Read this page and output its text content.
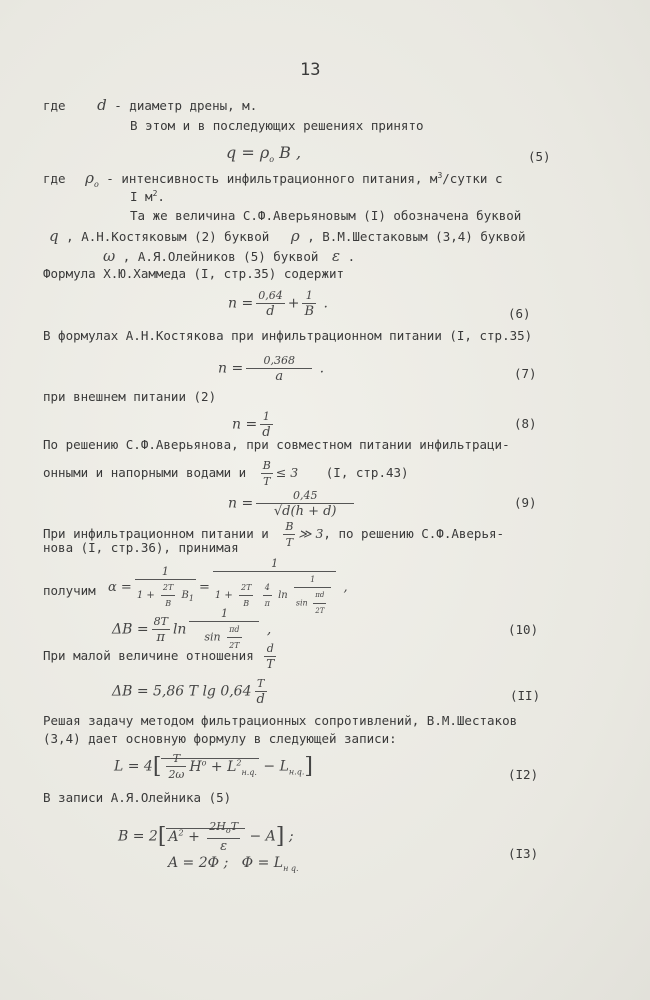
13
где d - диаметр дрены, м.
В этом и в последующих решениях принято
$q = \rho_o$ B ,	(5)
где $\rho_o$ - интенсивность инфильтрационного питания, $м^3$/сутки с
I $м^2$.
Та же величина С.Ф.Аверьяновым (I) обозначена буквой
q , А.Н.Костяковым (2) буквой ρ , В.М.Шестаковым (3,4) буквой
ω , А.Я.Олейников (5) буквой ε .
Формула Х.Ю.Хаммеда (I, стр.35) содержит
$n = \frac{0,64}{d} + \frac{1}{B}$ .
(6)
В формулах А.Н.Костякова при инфильтрационном питании (I, стр.35)
$n = \frac{0,368}{a}$ .	(7)
при внешнем питании (2)
$n = \frac{1}{d}$	(8)
По решению С.Ф.Аверьянова, при совместном питании инфильтраци-
онными и напорными водами и $\frac{B}{T} \le 3$ (I, стр.43)
$n = \frac{0,45}{√d(h + d)}$	(9)
При инфильтрационном питании и $\frac{B}{T}$ ≫ 3, по решению С.Ф.Аверья-
нова (I, стр.36), принимая
$\alpha = \frac{1}{1 + \frac{2T}{B} B_1} = 1$
$1 + \frac{2T}{B}$
$\frac{4}{\pi}$ $\ln \frac{1}{\sin \frac{\pi d}{2T}}$ ,
получим
$\Delta B = \frac{8T}{\pi}$ $\ln \frac{1}{\sin \frac{\pi d}{2T}}$ ,	(10)
При малой величине отношения $\frac{d}{T}$
ΔB = 5,86 T $\lg 0,64 \frac{T}{d}$	(II)
Решая задачу методом фильтрационных сопротивлений, В.М.Шестаков
(3,4) дает основную формулу в следующей записи:
$L = 4[ \frac{T}{2\omega} H^o + L^2_{н.q.} - L_{н.q.}]$	(I2)
В записи А.Я.Олейника (5)
B = 2[ $A^2 + \frac{2H_oT}{\varepsilon} - A$] ;
A = 2Φ ;   $\Phi = L_{н q.}$
(I3)
